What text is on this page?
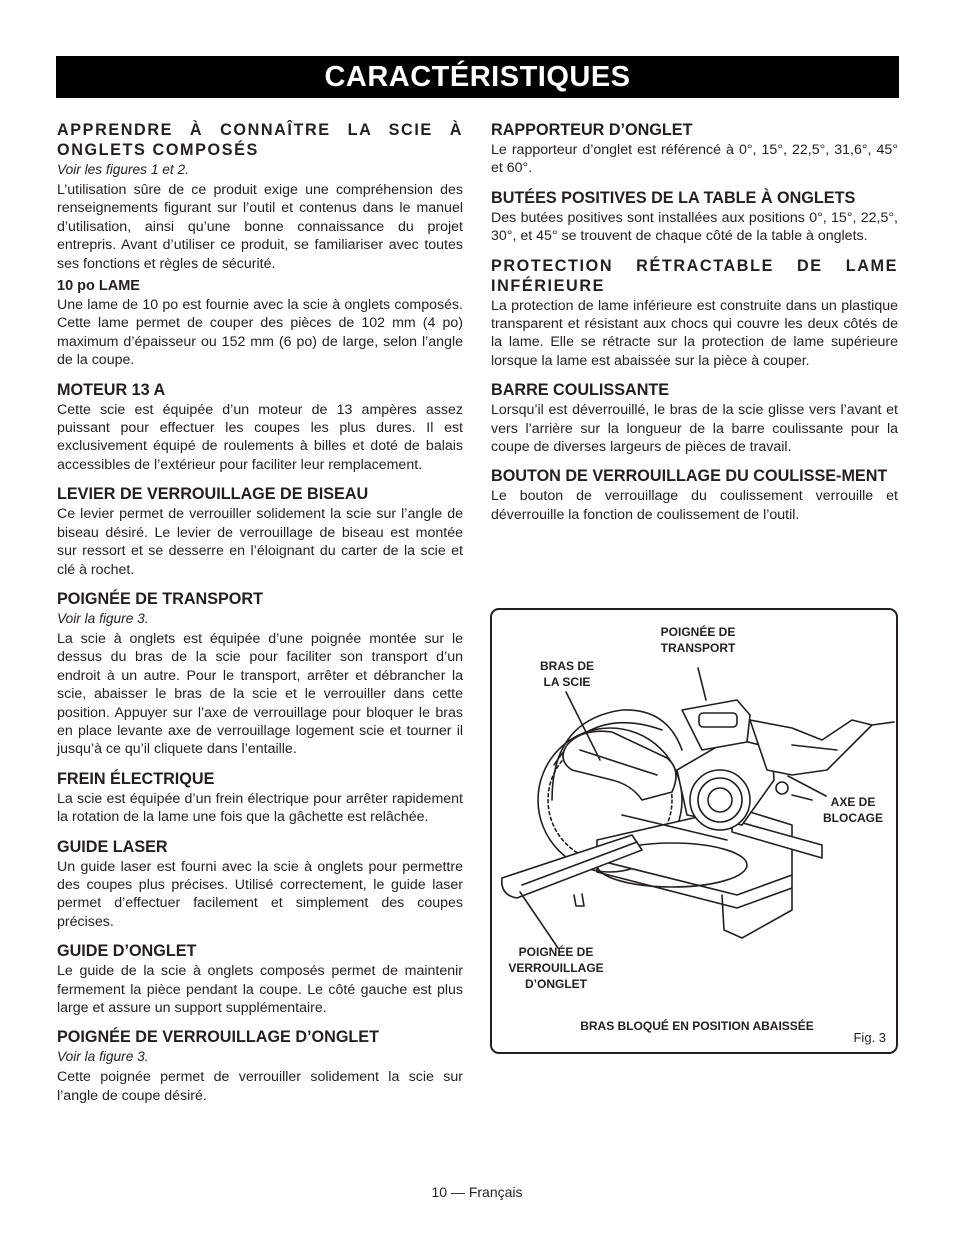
CARACTÉRISTIQUES
APPRENDRE À CONNAÎTRE LA SCIE À ONGLETS COMPOSÉS
Voir les figures 1 et 2.
L’utilisation sûre de ce produit exige une compréhension des renseignements figurant sur l’outil et contenus dans le manuel d’utilisation, ainsi qu’une bonne connaissance du projet entrepris. Avant d’utiliser ce produit, se familiariser avec toutes ses fonctions et règles de sécurité.
10 po LAME
Une lame de 10 po est fournie avec la scie à onglets composés. Cette lame permet de couper des pièces de 102 mm (4 po) maximum d’épaisseur ou 152 mm (6 po) de large, selon l’angle de la coupe.
MOTEUR 13 A
Cette scie est équipée d’un moteur de 13 ampères assez puissant pour effectuer les coupes les plus dures. Il est exclusivement équipé de roulements à billes et doté de balais accessibles de l’extérieur pour faciliter leur remplacement.
LEVIER DE VERROUILLAGE DE BISEAU
Ce levier permet de verrouiller solidement la scie sur l’angle de biseau désiré. Le levier de verrouillage de biseau est montée sur ressort et se desserre en l’éloignant du carter de la scie et clé à rochet.
POIGNÉE DE TRANSPORT
Voir la figure 3.
La scie à onglets est équipée d’une poignée montée sur le dessus du bras de la scie pour faciliter son transport d’un endroit à un autre. Pour le transport, arrêter et débrancher la scie, abaisser le bras de la scie et le verrouiller dans cette position. Appuyer sur l’axe de verrouillage pour bloquer le bras en place levante axe de verrouillage logement scie et tourner il jusqu’à ce qu’il cliquete dans l’entaille.
FREIN ÉLECTRIQUE
La scie est équipée d’un frein électrique pour arrêter rapidement la rotation de la lame une fois que la gâchette est relâchée.
GUIDE LASER
Un guide laser est fourni avec la scie à onglets pour permettre des coupes plus précises. Utilisé correctement, le guide laser permet d’effectuer facilement et simplement des coupes précises.
GUIDE D’ONGLET
Le guide de la scie à onglets composés permet de maintenir fermement la pièce pendant la coupe. Le côté gauche est plus large et assure un support supplémentaire.
POIGNÉE DE VERROUILLAGE D’ONGLET
Voir la figure 3.
Cette poignée permet de verrouiller solidement la scie sur l’angle de coupe désiré.
RAPPORTEUR D’ONGLET
Le rapporteur d’onglet est référencé à 0°, 15°, 22,5°, 31,6°, 45° et 60°.
BUTÉES POSITIVES DE LA TABLE À ONGLETS
Des butées positives sont installées aux positions 0°, 15°, 22,5°, 30°, et 45° se trouvent de chaque côté de la table à onglets.
PROTECTION RÉTRACTABLE DE LAME INFÉRIEURE
La protection de lame inférieure est construite dans un plastique transparent et résistant aux chocs qui couvre les deux côtés de la lame. Elle se rétracte sur la protection de lame supérieure lorsque la lame est abaissée sur la pièce à couper.
BARRE COULISSANTE
Lorsqu’il est déverrouillé, le bras de la scie glisse vers l’avant et vers l’arrière sur la longueur de la barre coulissante pour la coupe de diverses largeurs de pièces de travail.
BOUTON DE VERROUILLAGE DU COULISSE-MENT
Le bouton de verrouillage du coulissement verrouille et déverrouille la fonction de coulissement de l’outil.
POIGNÉE DE TRANSPORT
BRAS DE LA SCIE
AXE DE BLOCAGE
POIGNÉE DE VERROUILLAGE D’ONGLET
BRAS BLOQUÉ EN POSITION ABAISSÉE
Fig. 3
10 — Français
